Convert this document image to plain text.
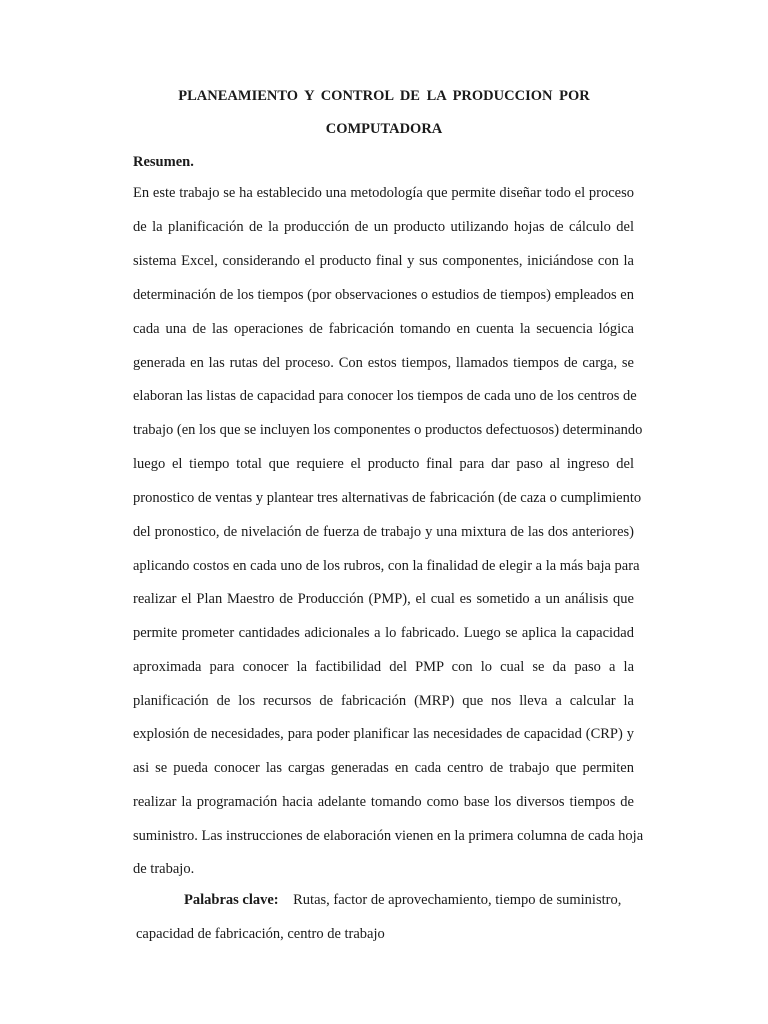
PLANEAMIENTO Y CONTROL DE LA PRODUCCION POR
COMPUTADORA
Resumen.
En este trabajo se ha establecido una metodología que permite diseñar todo el proceso
de la planificación de la producción de un producto utilizando hojas de cálculo del
sistema Excel, considerando el producto final y sus componentes, iniciándose con la
determinación de los tiempos (por observaciones o estudios de tiempos) empleados en
cada una de las operaciones de fabricación tomando en cuenta la secuencia lógica
generada en las rutas del proceso. Con estos tiempos, llamados tiempos de carga, se
elaboran las listas de capacidad para conocer los tiempos de cada uno de los centros de
trabajo (en los que se incluyen los componentes o productos defectuosos) determinando
luego el tiempo total que requiere el producto final para dar paso al ingreso del
pronostico de ventas y plantear tres alternativas de fabricación (de caza o cumplimiento
del pronostico, de nivelación de fuerza de trabajo y una mixtura de las dos anteriores)
aplicando costos en cada uno de los rubros, con la finalidad de elegir a la más baja para
realizar el Plan Maestro de Producción (PMP), el cual es sometido a un análisis que
permite prometer cantidades adicionales a lo fabricado. Luego se aplica la capacidad
aproximada para conocer la factibilidad del PMP con lo cual se da paso a la
planificación de los recursos de fabricación (MRP) que nos lleva a calcular la
explosión de necesidades, para poder planificar las necesidades de capacidad (CRP) y
asi se pueda conocer las cargas generadas en cada centro de trabajo que permiten
realizar la programación hacia adelante tomando como base los diversos tiempos de
suministro. Las instrucciones de elaboración vienen en la primera columna de cada hoja
de trabajo.
Palabras clave: Rutas, factor de aprovechamiento, tiempo de suministro,
capacidad de fabricación, centro de trabajo
